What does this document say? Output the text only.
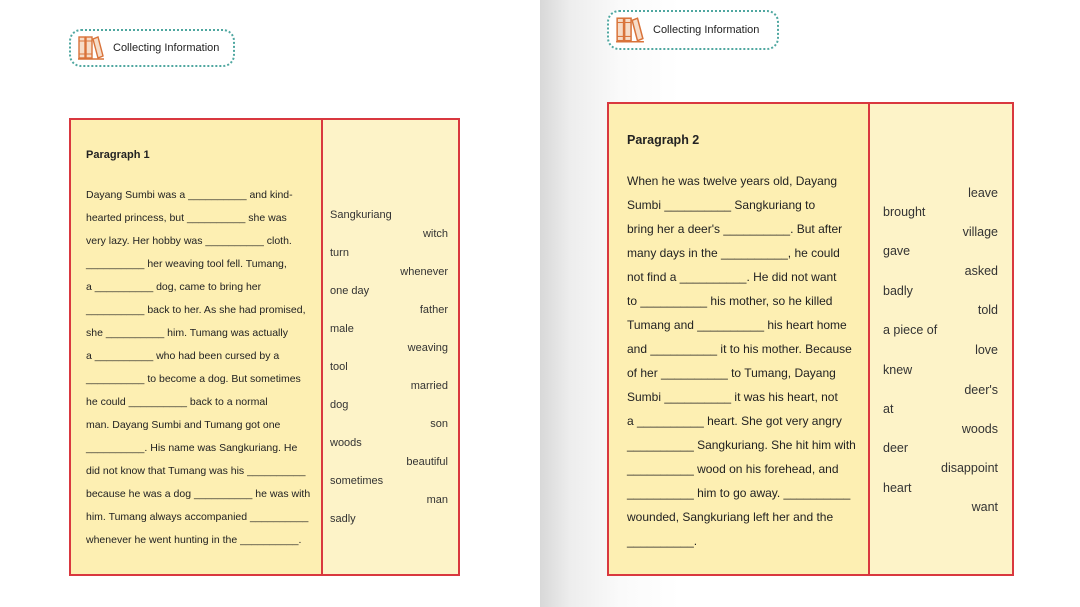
Collecting Information
Paragraph 1
Dayang Sumbi was a __________ and kind-
hearted princess, but __________ she was
very lazy. Her hobby was __________ cloth.
__________ her weaving tool fell. Tumang,
a __________ dog, came to bring her
__________ back to her. As she had promised,
she __________ him. Tumang was actually
a __________ who had been cursed by a
__________ to become a dog. But sometimes
he could __________ back to a normal
man. Dayang Sumbi and Tumang got one
__________. His name was Sangkuriang. He
did not know that Tumang was his __________
because he was a dog __________ he was with
him. Tumang always accompanied __________
whenever he went hunting in the __________.
Sangkuriang
witch
turn
whenever
one day
father
male
weaving
tool
married
dog
son
woods
beautiful
sometimes
man
sadly
Collecting Information
Paragraph 2
When he was twelve years old, Dayang
Sumbi __________ Sangkuriang to
bring her a deer's __________. But after
many days in the __________, he could
not find a __________. He did not want
to __________ his mother, so he killed
Tumang and __________ his heart home
and __________ it to his mother. Because
of her __________ to Tumang, Dayang
Sumbi __________ it was his heart, not
a __________ heart. She got very angry
__________ Sangkuriang. She hit him with
__________ wood on his forehead, and
__________ him to go away. __________
wounded, Sangkuriang left her and the
__________.
leave
brought
village
gave
asked
badly
told
a piece of
love
knew
deer's
at
woods
deer
disappoint
heart
want
